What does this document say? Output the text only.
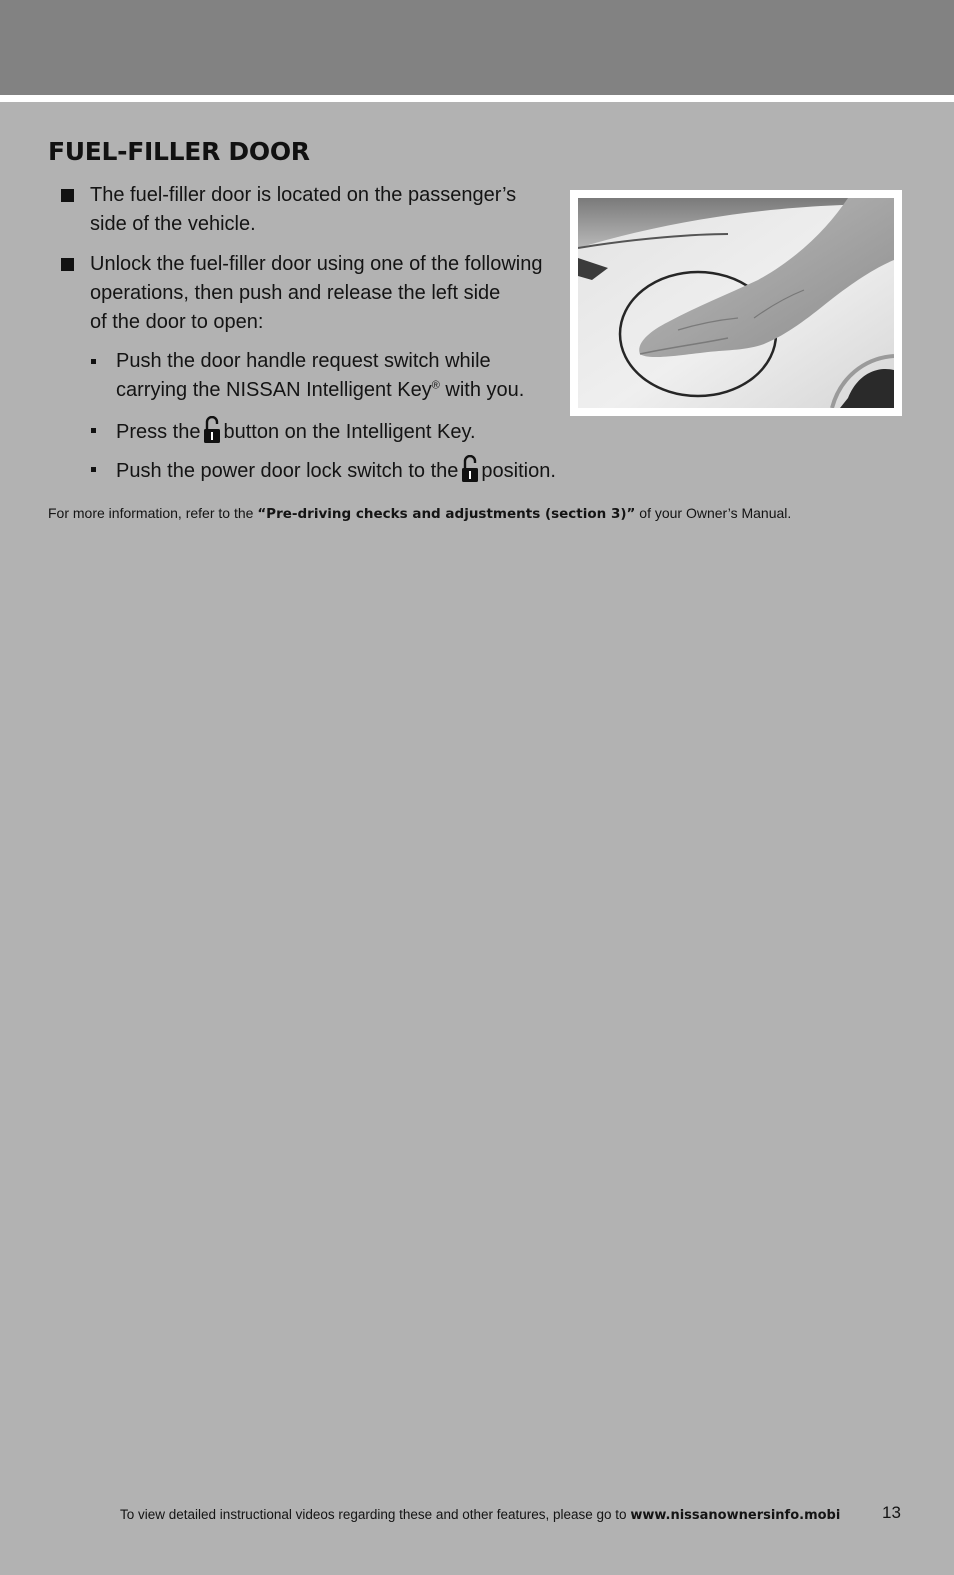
FUEL-FILLER DOOR
The fuel-filler door is located on the passenger’s
side of the vehicle.
Unlock the fuel-filler door using one of the following
operations, then push and release the left side
of the door to open:
Push the door handle request switch while
carrying the NISSAN Intelligent Key® with you.
Press the button on the Intelligent Key.
Push the power door lock switch to the position.
For more information, refer to the “Pre-driving checks and adjustments (section 3)” of your Owner’s Manual.
To view detailed instructional videos regarding these and other features, please go to www.nissanownersinfo.mobi 13
